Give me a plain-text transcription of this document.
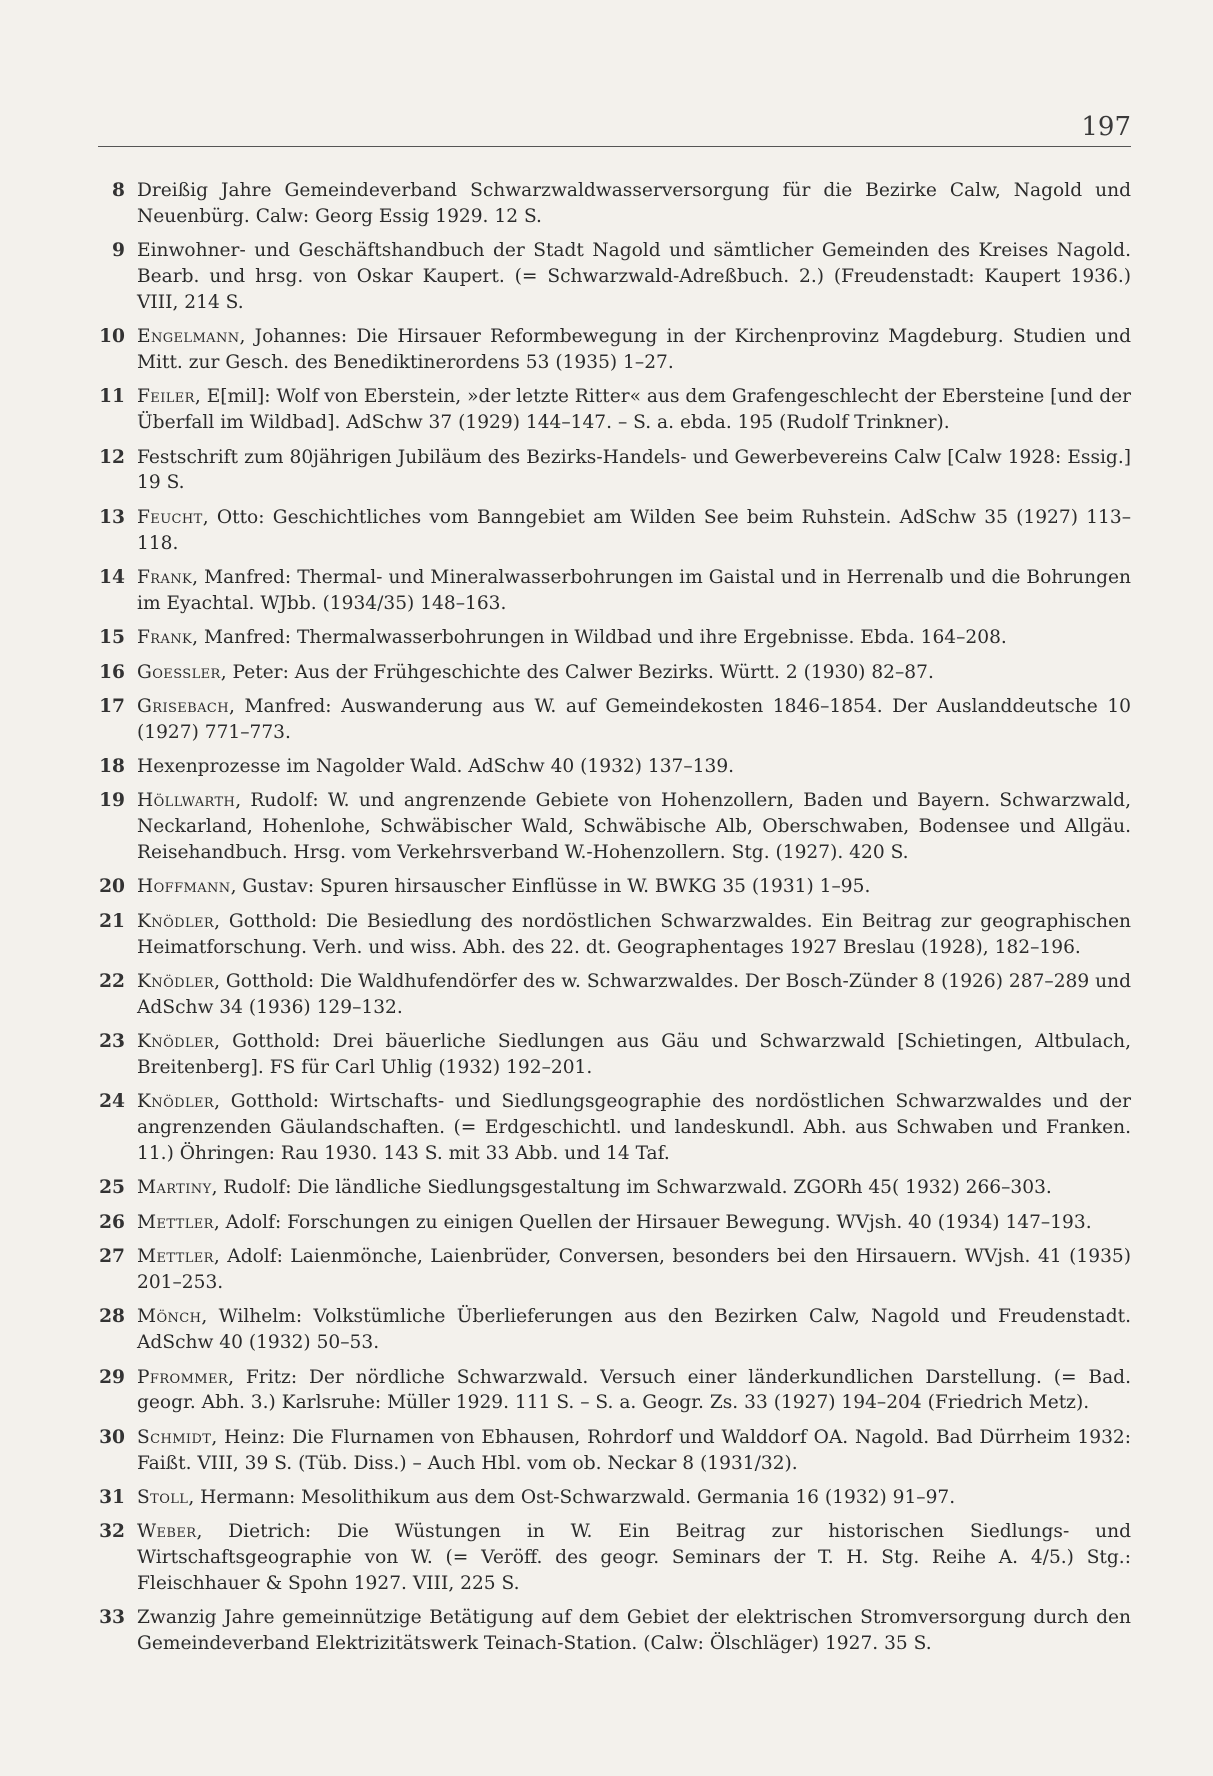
197
8 Dreißig Jahre Gemeindeverband Schwarzwaldwasserversorgung für die Bezirke Calw, Nagold und Neuenbürg. Calw: Georg Essig 1929. 12 S.
9 Einwohner- und Geschäftshandbuch der Stadt Nagold und sämtlicher Gemeinden des Kreises Nagold. Bearb. und hrsg. von Oskar Kaupert. (= Schwarzwald-Adreßbuch. 2.) (Freudenstadt: Kaupert 1936.) VIII, 214 S.
10 Engelmann, Johannes: Die Hirsauer Reformbewegung in der Kirchenprovinz Magdeburg. Studien und Mitt. zur Gesch. des Benediktinerordens 53 (1935) 1–27.
11 Feiler, E[mil]: Wolf von Eberstein, »der letzte Ritter« aus dem Grafengeschlecht der Ebersteine [und der Überfall im Wildbad]. AdSchw 37 (1929) 144–147. – S. a. ebda. 195 (Rudolf Trinkner).
12 Festschrift zum 80jährigen Jubiläum des Bezirks-Handels- und Gewerbevereins Calw [Calw 1928: Essig.] 19 S.
13 Feucht, Otto: Geschichtliches vom Banngebiet am Wilden See beim Ruhstein. AdSchw 35 (1927) 113–118.
14 Frank, Manfred: Thermal- und Mineralwasserbohrungen im Gaistal und in Herrenalb und die Bohrungen im Eyachtal. WJbb. (1934/35) 148–163.
15 Frank, Manfred: Thermalwasserbohrungen in Wildbad und ihre Ergebnisse. Ebda. 164–208.
16 Goessler, Peter: Aus der Frühgeschichte des Calwer Bezirks. Württ. 2 (1930) 82–87.
17 Grisebach, Manfred: Auswanderung aus W. auf Gemeindekosten 1846–1854. Der Auslanddeutsche 10 (1927) 771–773.
18 Hexenprozesse im Nagolder Wald. AdSchw 40 (1932) 137–139.
19 Höllwarth, Rudolf: W. und angrenzende Gebiete von Hohenzollern, Baden und Bayern. Schwarzwald, Neckarland, Hohenlohe, Schwäbischer Wald, Schwäbische Alb, Oberschwaben, Bodensee und Allgäu. Reisehandbuch. Hrsg. vom Verkehrsverband W.-Hohenzollern. Stg. (1927). 420 S.
20 Hoffmann, Gustav: Spuren hirsauscher Einflüsse in W. BWKG 35 (1931) 1–95.
21 Knödler, Gotthold: Die Besiedlung des nordöstlichen Schwarzwaldes. Ein Beitrag zur geographischen Heimatforschung. Verh. und wiss. Abh. des 22. dt. Geographentages 1927 Breslau (1928), 182–196.
22 Knödler, Gotthold: Die Waldhufendörfer des w. Schwarzwaldes. Der Bosch-Zünder 8 (1926) 287–289 und AdSchw 34 (1936) 129–132.
23 Knödler, Gotthold: Drei bäuerliche Siedlungen aus Gäu und Schwarzwald [Schietingen, Altbulach, Breitenberg]. FS für Carl Uhlig (1932) 192–201.
24 Knödler, Gotthold: Wirtschafts- und Siedlungsgeographie des nordöstlichen Schwarzwaldes und der angrenzenden Gäulandschaften. (= Erdgeschichtl. und landeskundl. Abh. aus Schwaben und Franken. 11.) Öhringen: Rau 1930. 143 S. mit 33 Abb. und 14 Taf.
25 Martiny, Rudolf: Die ländliche Siedlungsgestaltung im Schwarzwald. ZGORh 45( 1932) 266–303.
26 Mettler, Adolf: Forschungen zu einigen Quellen der Hirsauer Bewegung. WVjsh. 40 (1934) 147–193.
27 Mettler, Adolf: Laienmönche, Laienbrüder, Conversen, besonders bei den Hirsauern. WVjsh. 41 (1935) 201–253.
28 Mönch, Wilhelm: Volkstümliche Überlieferungen aus den Bezirken Calw, Nagold und Freudenstadt. AdSchw 40 (1932) 50–53.
29 Pfrommer, Fritz: Der nördliche Schwarzwald. Versuch einer länderkundlichen Darstellung. (= Bad. geogr. Abh. 3.) Karlsruhe: Müller 1929. 111 S. – S. a. Geogr. Zs. 33 (1927) 194–204 (Friedrich Metz).
30 Schmidt, Heinz: Die Flurnamen von Ebhausen, Rohrdorf und Walddorf OA. Nagold. Bad Dürrheim 1932: Faißt. VIII, 39 S. (Tüb. Diss.) – Auch Hbl. vom ob. Neckar 8 (1931/32).
31 Stoll, Hermann: Mesolithikum aus dem Ost-Schwarzwald. Germania 16 (1932) 91–97.
32 Weber, Dietrich: Die Wüstungen in W. Ein Beitrag zur historischen Siedlungs- und Wirtschaftsgeographie von W. (= Veröff. des geogr. Seminars der T. H. Stg. Reihe A. 4/5.) Stg.: Fleischhauer & Spohn 1927. VIII, 225 S.
33 Zwanzig Jahre gemeinnützige Betätigung auf dem Gebiet der elektrischen Stromversorgung durch den Gemeindeverband Elektrizitätswerk Teinach-Station. (Calw: Ölschläger) 1927. 35 S.
